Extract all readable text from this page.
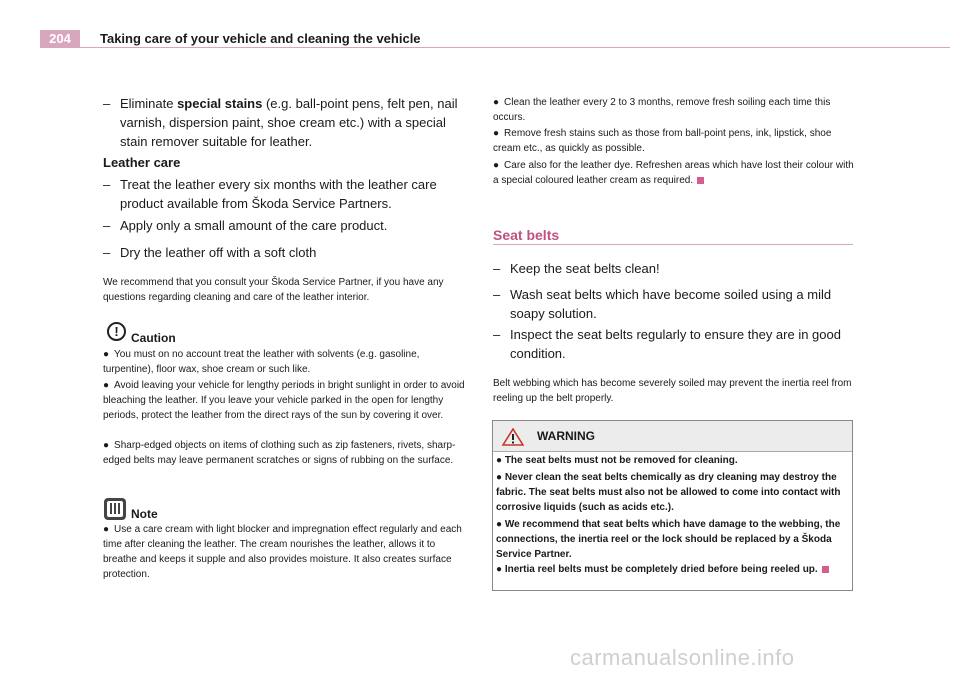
204	Taking care of your vehicle and cleaning the vehicle
– Eliminate special stains (e.g. ball-point pens, felt pen, nail varnish, dispersion paint, shoe cream etc.) with a special stain remover suitable for leather.
Leather care
– Treat the leather every six months with the leather care product available from Škoda Service Partners.
– Apply only a small amount of the care product.
– Dry the leather off with a soft cloth
We recommend that you consult your Škoda Service Partner, if you have any questions regarding cleaning and care of the leather interior.
!	Caution
● You must on no account treat the leather with solvents (e.g. gasoline, turpentine), floor wax, shoe cream or such like.
● Avoid leaving your vehicle for lengthy periods in bright sunlight in order to avoid bleaching the leather. If you leave your vehicle parked in the open for lengthy periods, protect the leather from the direct rays of the sun by covering it over.
● Sharp-edged objects on items of clothing such as zip fasteners, rivets, sharp-edged belts may leave permanent scratches or signs of rubbing on the surface.
Note
● Use a care cream with light blocker and impregnation effect regularly and each time after cleaning the leather. The cream nourishes the leather, allows it to breathe and keeps it supple and also provides moisture. It also creates surface protection.
● Clean the leather every 2 to 3 months, remove fresh soiling each time this occurs.
● Remove fresh stains such as those from ball-point pens, ink, lipstick, shoe cream etc., as quickly as possible.
● Care also for the leather dye. Refreshen areas which have lost their colour with a special coloured leather cream as required.
Seat belts
– Keep the seat belts clean!
– Wash seat belts which have become soiled using a mild soapy solution.
– Inspect the seat belts regularly to ensure they are in good condition.
Belt webbing which has become severely soiled may prevent the inertia reel from reeling up the belt properly.
WARNING
● The seat belts must not be removed for cleaning.
● Never clean the seat belts chemically as dry cleaning may destroy the fabric. The seat belts must also not be allowed to come into contact with corrosive liquids (such as acids etc.).
● We recommend that seat belts which have damage to the webbing, the connections, the inertia reel or the lock should be replaced by a Škoda Service Partner.
● Inertia reel belts must be completely dried before being reeled up.
carmanualsonline.info
